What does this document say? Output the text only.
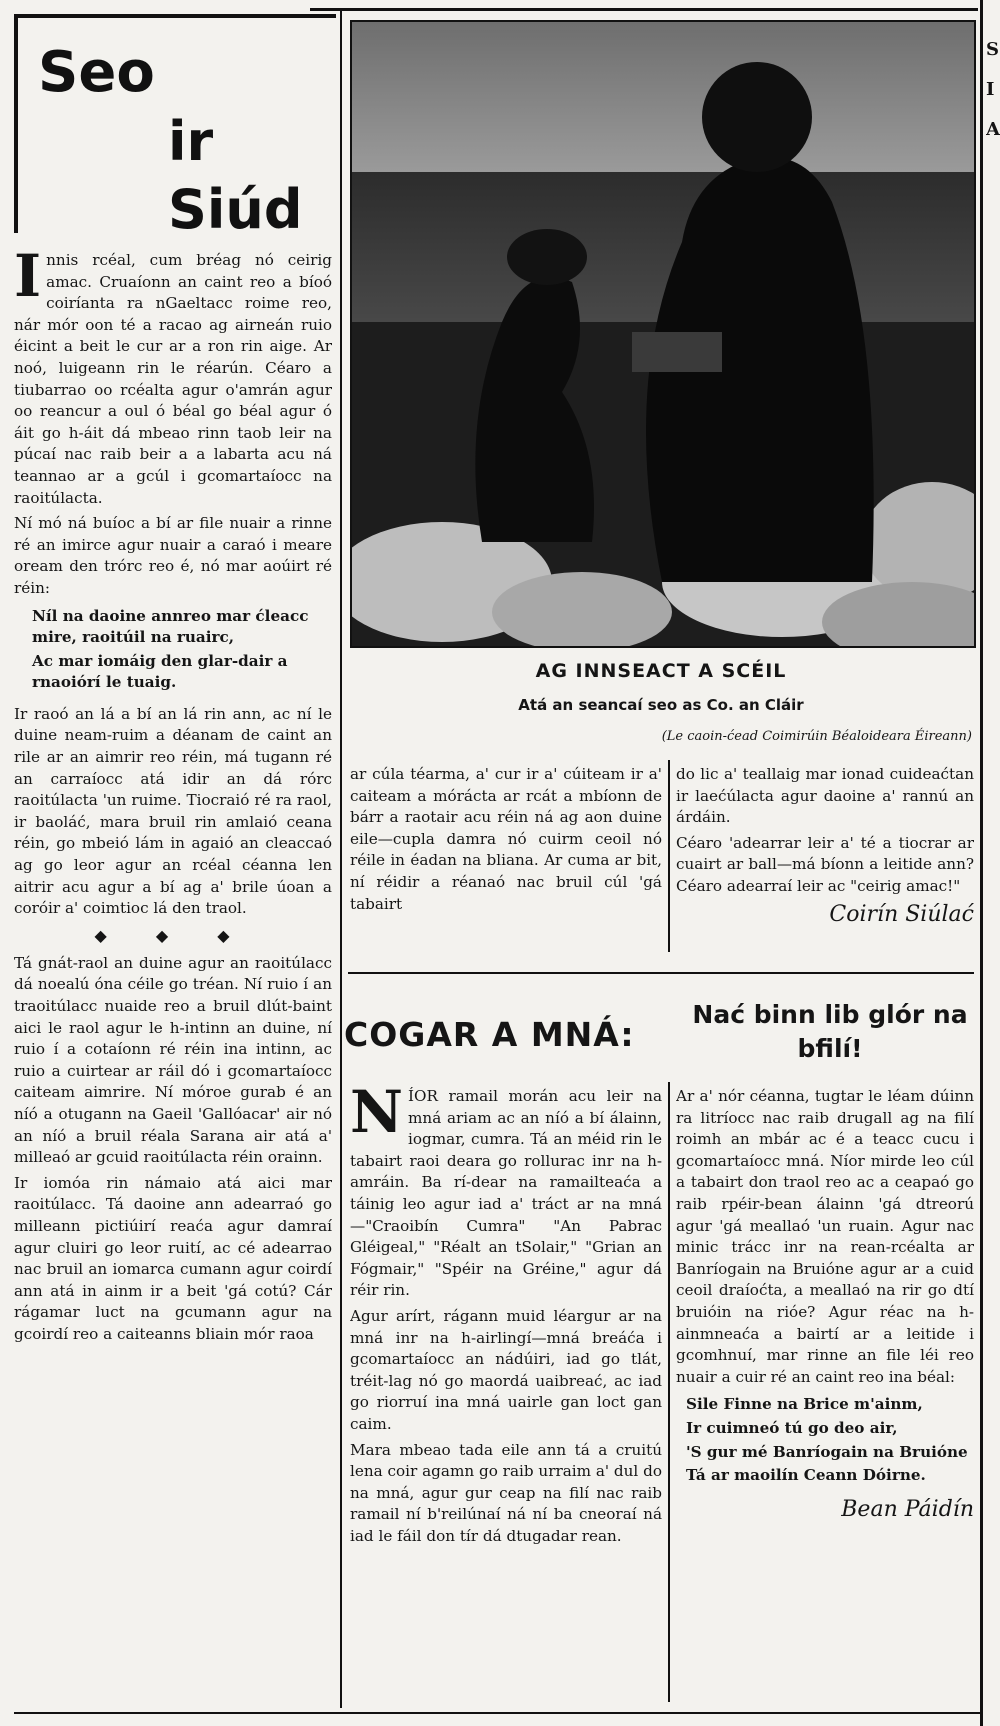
Seo
ir
Siúd
I nnis rcéal, cum bréag nó ceirig amac. Cruaíonn an caint reo a bíoó coiríanta ra nGaeltacc roime reo, nár mór oon té a racao ag airneán ruio éicint a beit le cur ar a ron rin aige. Ar noó, luigeann rin le réarún. Céaro a tiubarrao oo rcéalta agur o'amrán agur oo reancur a oul ó béal go béal agur ó áit go h-áit dá mbeao rinn taob leir na púcaí nac raib beir a a labarta acu ná teannao ar a gcúl i gcomartaíocc na raoitúlacta.

Ní mó ná buíoc a bí ar file nuair a rinne ré an imirce agur nuair a caraó i meare oream den trórc reo é, nó mar aoúirt ré réin:

Níl na daoine annreo mar ćleacc mire, raoitúil na ruairc,
Ac mar iomáig den glar-dair a rnaoiórí le tuaig.

Ir raoó an lá a bí an lá rin ann, ac ní le duine neam-ruim a déanam de caint an rile ar an aimrir reo réin, má tugann ré an carraíocc atá idir an dá rórc raoitúlacta 'un ruime. Tiocraió ré ra raol, ir baoláć, mara bruil rin amlaió ceana réin, go mbeió lám in agaió an cleaccaó ag go leor agur an rcéal céanna len aitrir acu agur a bí ag a' brile úoan a coróir a' coimtioc lá den traol.

◆ ◆ ◆

Tá gnát-raol an duine agur an raoitúlacc dá noealú óna céile go tréan. Ní ruio í an traoitúlacc nuaide reo a bruil dlút-baint aici le raol agur le h-intinn an duine, ní ruio í a cotaíonn ré réin ina intinn, ac ruio a cuirtear ar ráil dó i gcomartaíocc caiteam aimrire. Ní móroe gurab é an níó a otugann na Gaeil 'Gallóacar' air nó an níó a bruil réala Sarana air atá a' milleaó ar gcuid raoitúlacta réin orainn.

Ir iomóa rin námaio atá aici mar raoitúlacc. Tá daoine ann adearraó go milleann pictiúirí reaća agur damraí agur cluiri go leor ruití, ac cé adearrao nac bruil an iomarca cumann agur coirdí ann atá in ainm ir a beit 'gá cotú? Cár rágamar luct na gcumann agur na gcoirdí reo a caiteanns bliain mór raoa

AG INNSEACT A SCÉIL
Atá an seancaí seo as Co. an Cláir
(Le caoin-ćead Coimirúin Béaloideara Éireann)

ar cúla téarma, a' cur ir a' cúiteam ir a' caiteam a mórácta ar rcát a mbíonn de bárr a raotair acu réin ná ag aon duine eile—cupla damra nó cuirm ceoil nó réile in éadan na bliana. Ar cuma ar bit, ní réidir a réanaó nac bruil cúl 'gá tabairt

do lic a' teallaig mar ionad cuideaćtan ir laećúlacta agur daoine a' rannú an árdáin.

Céaro 'adearrar leir a' té a tiocrar ar cuairt ar ball—má bíonn a leitide ann? Céaro adearraí leir ac "ceirig amac!"

Coirín Siúlać
COGAR A MNÁ:
Nać binn lib glór na bfilí!
N ÍOR ramail morán acu leir na mná ariam ac an níó a bí álainn, iogmar, cumra. Tá an méid rin le tabairt raoi deara go rollurac inr na h-amráin. Ba rí-dear na ramailteaća a táinig leo agur iad a' tráct ar na mná—"Craoibín Cumra" "An Pabrac Gléigeal," "Réalt an tSolair," "Grian an Fógmair," "Spéir na Gréine," agur dá réir rin.

Agur arírt, rágann muid léargur ar na mná inr na h-airlingí—mná breáća i gcomartaíocc an nádúiri, iad go tlát, tréit-lag nó go maordá uaibreać, ac iad go riorruí ina mná uairle gan loct gan caim.

Mara mbeao tada eile ann tá a cruitú lena coir agamn go raib urraim a' dul do na mná, agur gur ceap na filí nac raib ramail ní b'reilúnaí ná ní ba cneoraí ná iad le fáil don tír dá dtugadar rean.

Ar a' nór céanna, tugtar le léam dúinn ra litríocc nac raib drugall ag na filí roimh an mbár ac é a teacc cucu i gcomartaíocc mná. Níor mirde leo cúl a tabairt don traol reo ac a ceapaó go raib rpéir-bean álainn 'gá dtreorú agur 'gá meallaó 'un ruain. Agur nac minic trácc inr na rean-rcéalta ar Banríogain na Bruióne agur ar a cuid ceoil draíoćta, a meallaó na rir go dtí bruióin na rióe? Agur réac na h-ainmneaća a bairtí ar a leitide i gcomhnuí, mar rinne an file léi reo nuair a cuir ré an caint reo ina béal:

Sile Finne na Brice m'ainm,
Ir cuimneó tú go deo air,
'S gur mé Banríogain na Bruióne
Tá ar maoilín Ceann Dóirne.
Bean Páidín
S
I
A
